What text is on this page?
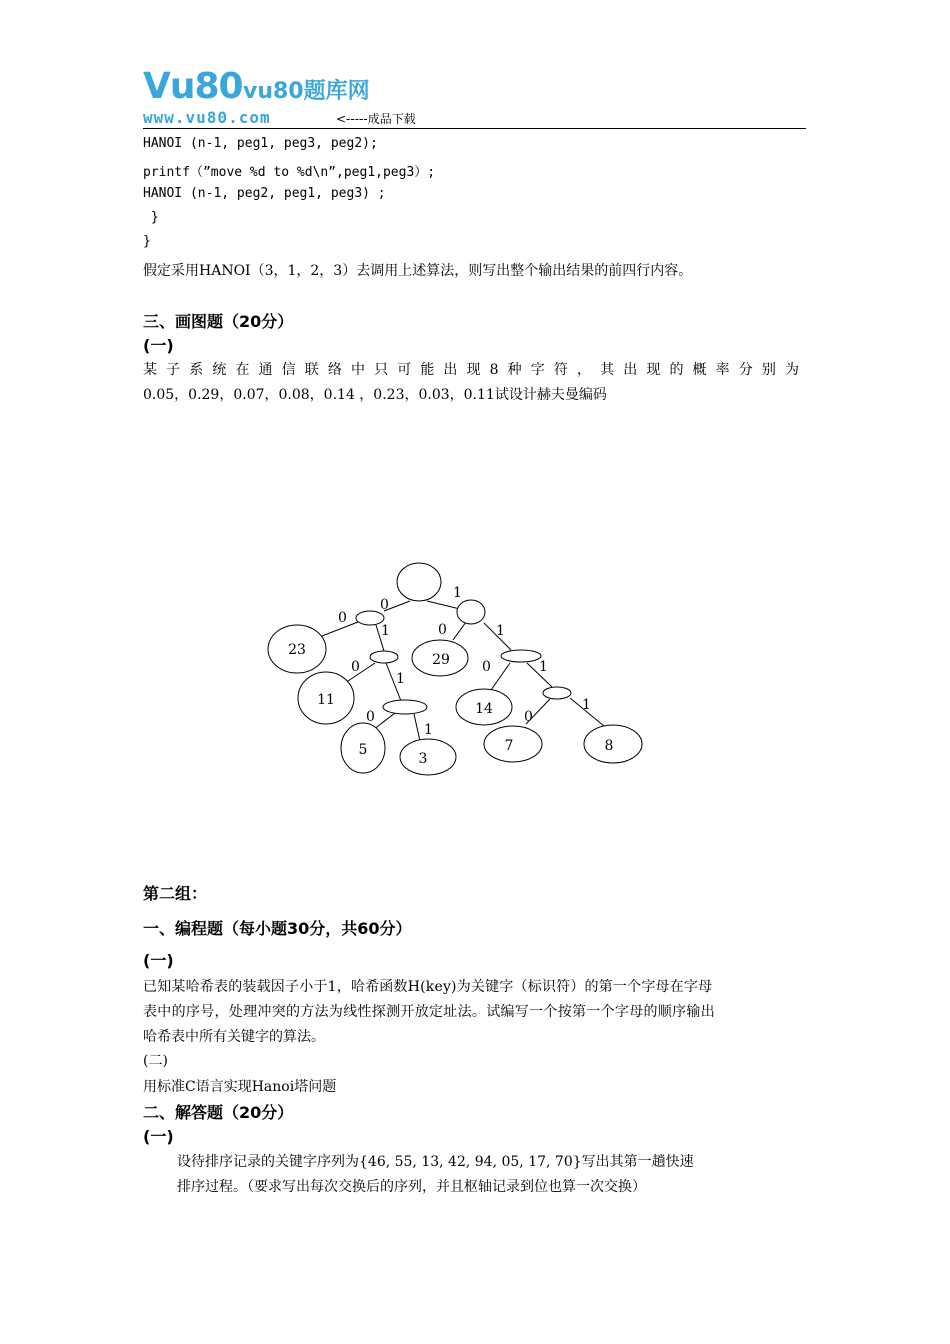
ꓦu80 vu80题库网
www.vu80.com	<-----成品下载
HANOI (n-1, peg1, peg3, peg2);
printf（”move %d to %d\n”,peg1,peg3）;
HANOI (n-1, peg2, peg1, peg3) ;
}
}
假定采用HANOI（3，1，2，3）去调用上述算法，则写出整个输出结果的前四行内容。
三、画图题（20分）
(一)
某子系统在通信联络中只可能出现8种字符，其出现的概率分别为
0.05，0.29，0.07，0.08，0.14 ，0.23，0.03，0.11试设计赫夫曼编码
23
29
11
14
5
3
7	8
0
1
0
1	0	1
0
1
0	1
0
1
0
1
第二组：
一、编程题（每小题30分，共60分）
(一)
已知某哈希表的装载因子小于1，哈希函数H(key)为关键字（标识符）的第一个字母在字母
表中的序号，处理冲突的方法为线性探测开放定址法。试编写一个按第一个字母的顺序输出
哈希表中所有关键字的算法。
(二)
用标准C语言实现Hanoi塔问题
二、解答题（20分）
(一)
设待排序记录的关键字序列为{46, 55, 13, 42, 94, 05, 17, 70}写出其第一趟快速
排序过程。（要求写出每次交换后的序列，并且枢轴记录到位也算一次交换）
